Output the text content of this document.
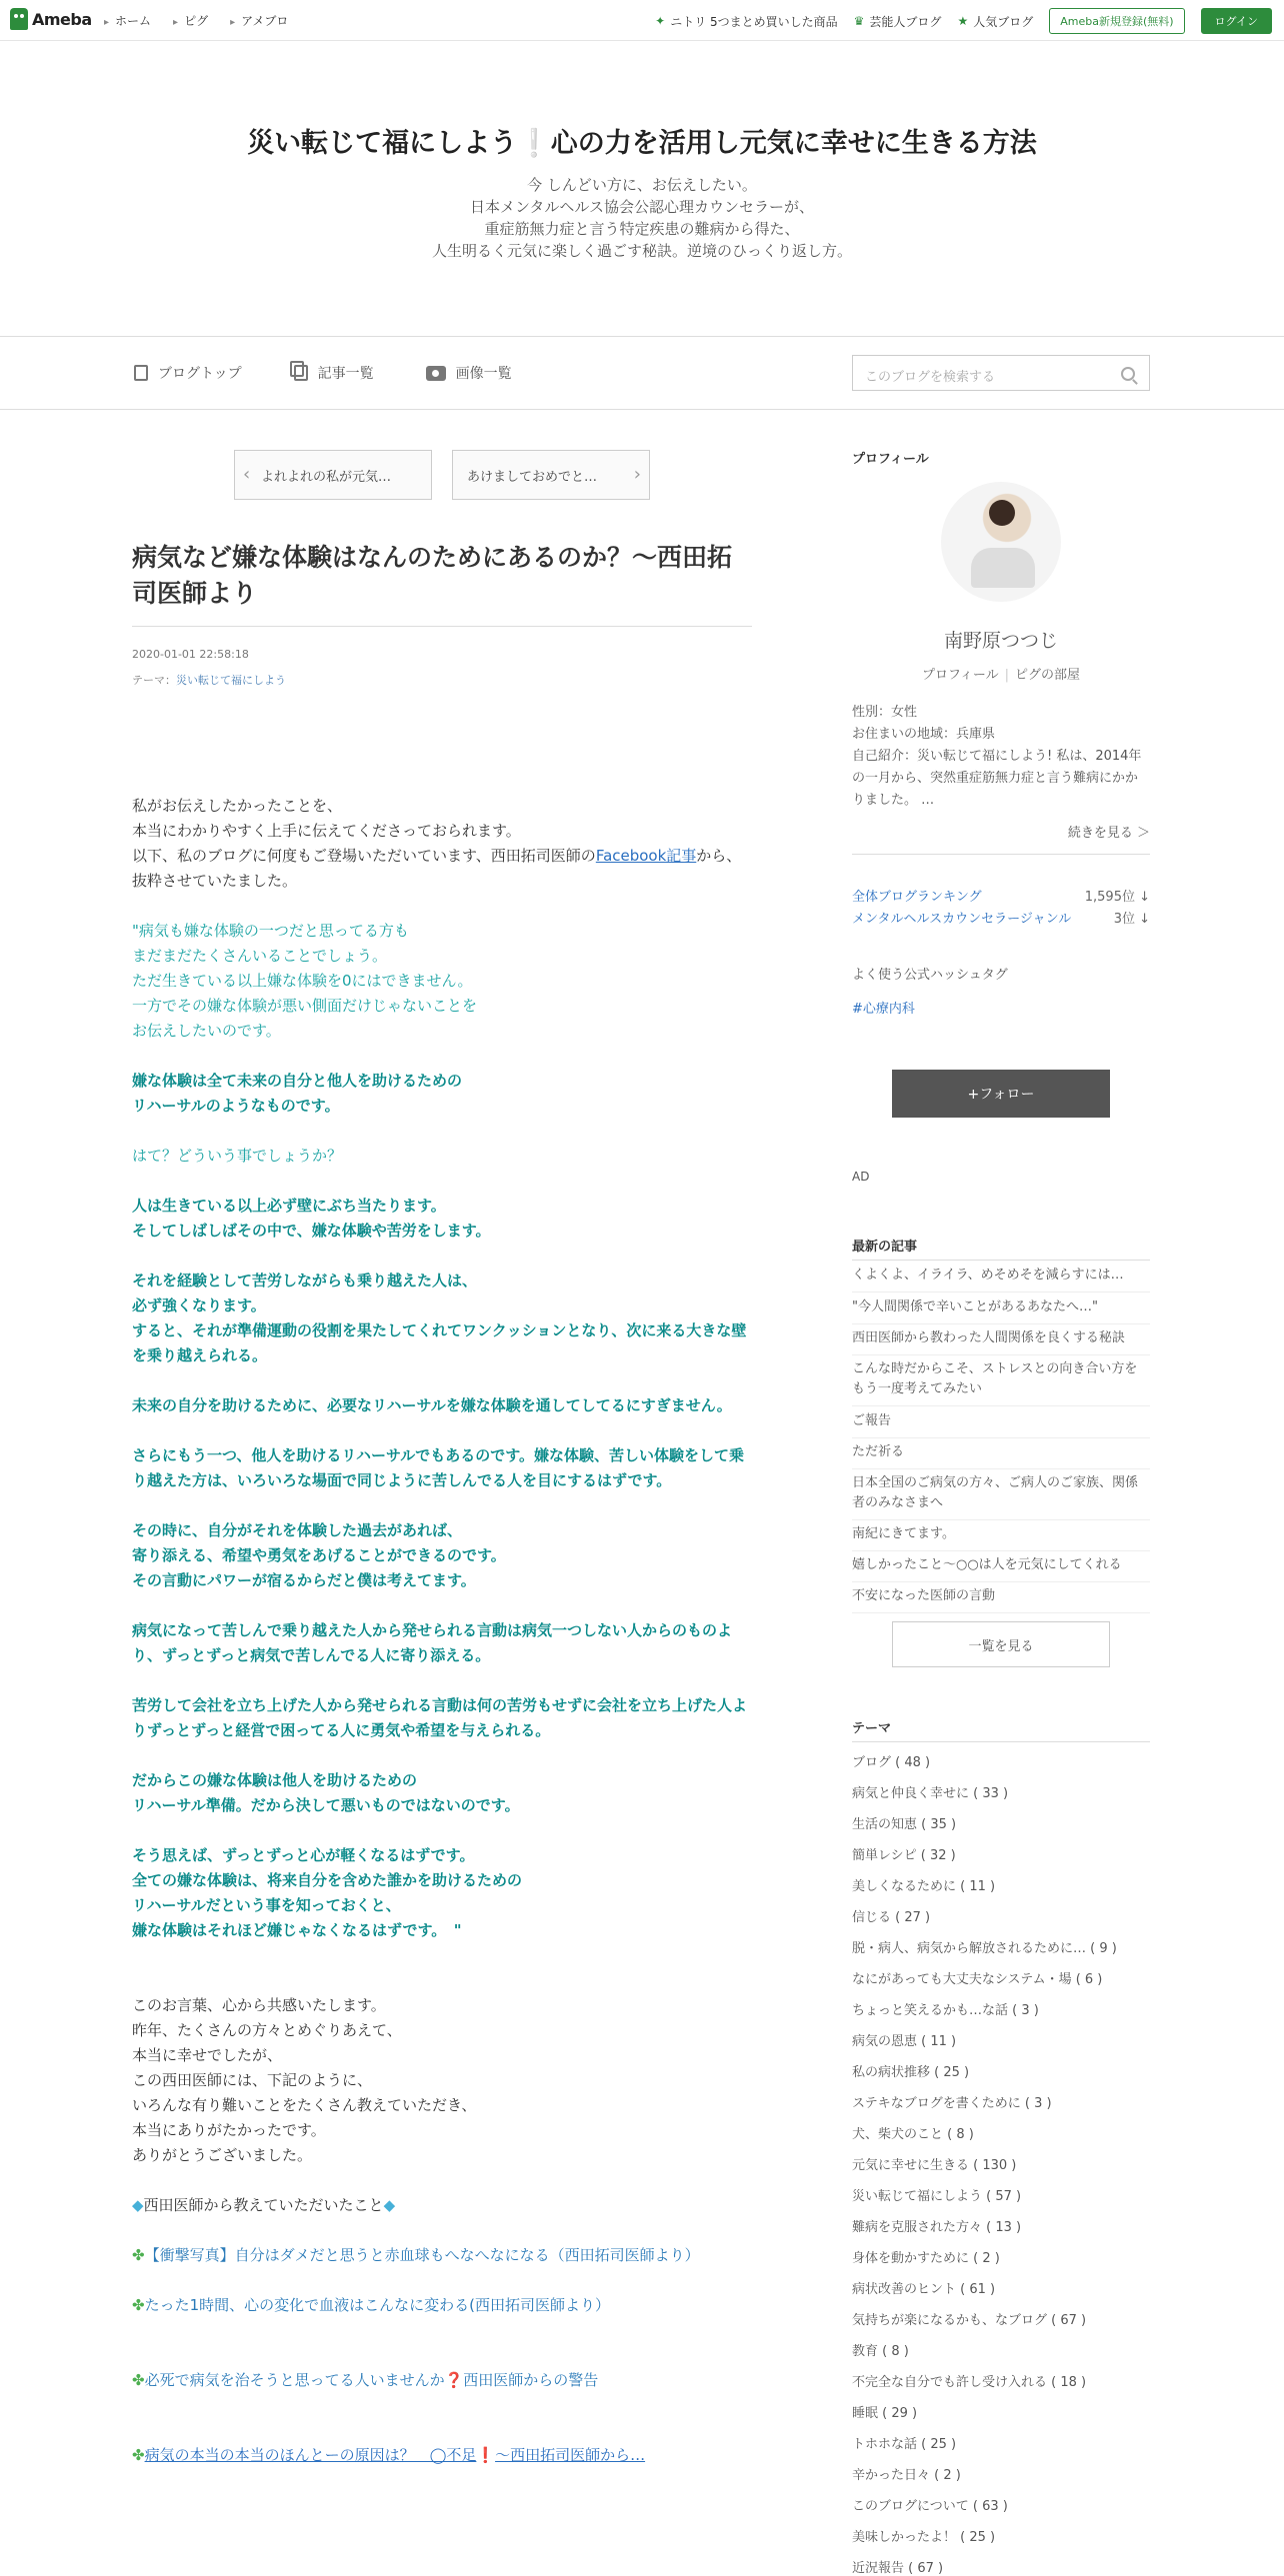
Ameba	▸ ホーム	▸ ピグ	▸ アメブロ	✦ ニトリ 5つまとめ買いした商品 ♛ 芸能人ブログ ★ 人気ブログ	Ameba新規登録(無料)	ログイン
災い転じて福にしよう❕心の力を活用し元気に幸せに生きる方法
今 しんどい方に、お伝えしたい。
日本メンタルヘルス協会公認心理カウンセラーが、
重症筋無力症と言う特定疾患の難病から得た、
人生明るく元気に楽しく過ごす秘訣。逆境のひっくり返し方。
ブログトップ	記事一覧	画像一覧	このブログを検索する
‹ よれよれの私が元気…	あけましておめでと… ›
病気など嫌な体験はなんのためにあるのか？〜西田拓司医師より
2020-01-01 22:58:18
テーマ：災い転じて福にしよう

私がお伝えしたかったことを、
本当にわかりやすく上手に伝えてくださっておられます。
以下、私のブログに何度もご登場いただいています、西田拓司医師のFacebook記事から、抜粋させていたました。

"病気も嫌な体験の一つだと思ってる方も
まだまだたくさんいることでしょう。
ただ生きている以上嫌な体験を0にはできません。
一方でその嫌な体験が悪い側面だけじゃないことを
お伝えしたいのです。

嫌な体験は全て未来の自分と他人を助けるための
リハーサルのようなものです。

はて？どういう事でしょうか？

人は生きている以上必ず壁にぶち当たります。
そしてしばしばその中で、嫌な体験や苦労をします。

それを経験として苦労しながらも乗り越えた人は、
必ず強くなります。
すると、それが準備運動の役割を果たしてくれてワンクッションとなり、次に来る大きな壁を乗り越えられる。

未来の自分を助けるために、必要なリハーサルを嫌な体験を通してしてるにすぎません。

さらにもう一つ、他人を助けるリハーサルでもあるのです。嫌な体験、苦しい体験をして乗り越えた方は、いろいろな場面で同じように苦しんでる人を目にするはずです。

その時に、自分がそれを体験した過去があれば、
寄り添える、希望や勇気をあげることができるのです。
その言動にパワーが宿るからだと僕は考えてます。

病気になって苦しんで乗り越えた人から発せられる言動は病気一つしない人からのものより、ずっとずっと病気で苦しんでる人に寄り添える。

苦労して会社を立ち上げた人から発せられる言動は何の苦労もせずに会社を立ち上げた人よりずっとずっと経営で困ってる人に勇気や希望を与えられる。

だからこの嫌な体験は他人を助けるための
リハーサル準備。だから決して悪いものではないのです。

そう思えば、ずっとずっと心が軽くなるはずです。
全ての嫌な体験は、将来自分を含めた誰かを助けるための
リハーサルだという事を知っておくと、
嫌な体験はそれほど嫌じゃなくなるはずです。　"

このお言葉、心から共感いたします。
昨年、たくさんの方々とめぐりあえて、
本当に幸せでしたが、
この西田医師には、下記のように、
いろんな有り難いことをたくさん教えていただき、
本当にありがたかったです。
ありがとうございました。

◆西田医師から教えていただいたこと◆

✤【衝撃写真】自分はダメだと思うと赤血球もへなへなになる（西田拓司医師より）

✤たった1時間、心の変化で血液はこんなに変わる(西田拓司医師より）

✤必死で病気を治そうと思ってる人いませんか❓西田医師からの警告

✤病気の本当の本当のほんとーの原因は？　◯不足❗〜西田拓司医師から…

プロフィール
南野原つつじ
プロフィール | ピグの部屋
性別：女性
お住まいの地域：兵庫県
自己紹介：災い転じて福にしよう! 私は、2014年の一月から、突然重症筋無力症と言う難病にかかりました。 …
続きを見る ＞
全体ブログランキング	1,595位 ↓
メンタルヘルスカウンセラージャンル	3位 ↓
よく使う公式ハッシュタグ
#心療内科
+フォロー
AD
最新の記事
くよくよ、イライラ、めそめそを減らすには…
"今人間関係で辛いことがあるあなたへ…"
西田医師から教わった人間関係を良くする秘訣
こんな時だからこそ、ストレスとの向き合い方をもう一度考えてみたい
ご報告
ただ祈る
日本全国のご病気の方々、ご病人のご家族、関係者のみなさまへ
南紀にきてます。
嬉しかったこと〜○○は人を元気にしてくれる
不安になった医師の言動
一覧を見る
テーマ
ブログ ( 48 )
病気と仲良く幸せに ( 33 )
生活の知恵 ( 35 )
簡単レシピ ( 32 )
美しくなるために ( 11 )
信じる ( 27 )
脱・病人、病気から解放されるために… ( 9 )
なにがあっても大丈夫なシステム・場 ( 6 )
ちょっと笑えるかも…な話 ( 3 )
病気の恩恵 ( 11 )
私の病状推移 ( 25 )
ステキなブログを書くために ( 3 )
犬、柴犬のこと ( 8 )
元気に幸せに生きる ( 130 )
災い転じて福にしよう ( 57 )
難病を克服された方々 ( 13 )
身体を動かすために ( 2 )
病状改善のヒント ( 61 )
気持ちが楽になるかも、なブログ ( 67 )
教育 ( 8 )
不完全な自分でも許し受け入れる ( 18 )
睡眠 ( 29 )
トホホな話 ( 25 )
辛かった日々 ( 2 )
このブログについて ( 63 )
美味しかったよ！ ( 25 )
近況報告 ( 67 )
